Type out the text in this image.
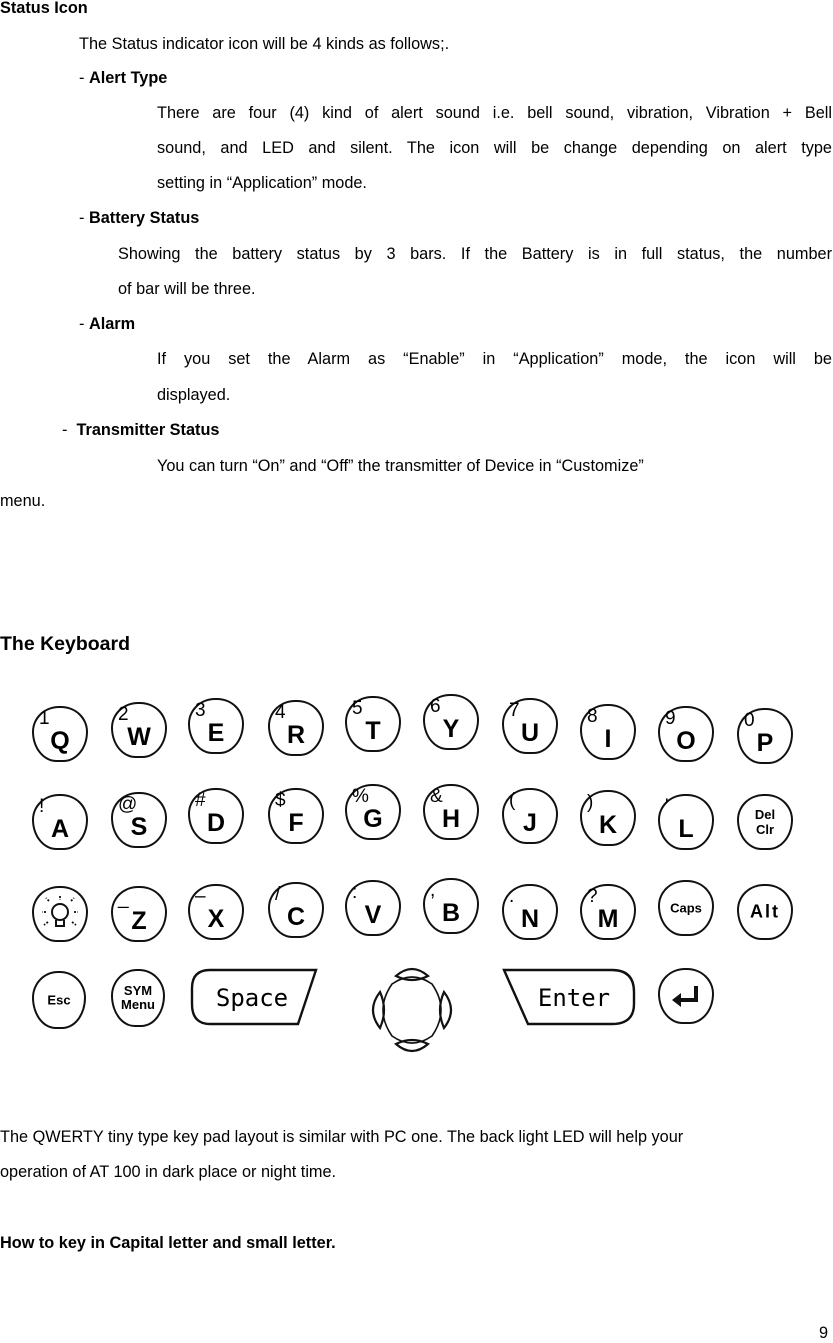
Status Icon
The Status indicator icon will be 4 kinds as follows;.
- Alert Type
There are four (4) kind of alert sound i.e. bell sound, vibration, Vibration + Bell
sound, and LED and silent. The icon will be change depending on alert type
setting in “Application” mode.
- Battery Status
Showing the battery status by 3 bars. If the Battery is in full status, the number
of bar will be three.
- Alarm
If you set the Alarm as “Enable” in “Application” mode, the icon will be
displayed.
- Transmitter Status
You can turn “On” and “Off” the transmitter of Device in “Customize”
menu.
The Keyboard
Esc
SYM
Menu	Space	Enter
1
Q
2
W
3
E
4
R
5
T
6
Y
7
U
8
I
9
O
0
P
!
A
@
S
#
D
$
F
%
G
&
H
(
J
)
K
'
L
Del
Clr
_
Z
–
X
/
C
:
V
,
B
.
N
?
M	Caps	Alt
The QWERTY tiny type key pad layout is similar with PC one. The back light LED will help your
operation of AT 100 in dark place or night time.
How to key in Capital letter and small letter.
9
